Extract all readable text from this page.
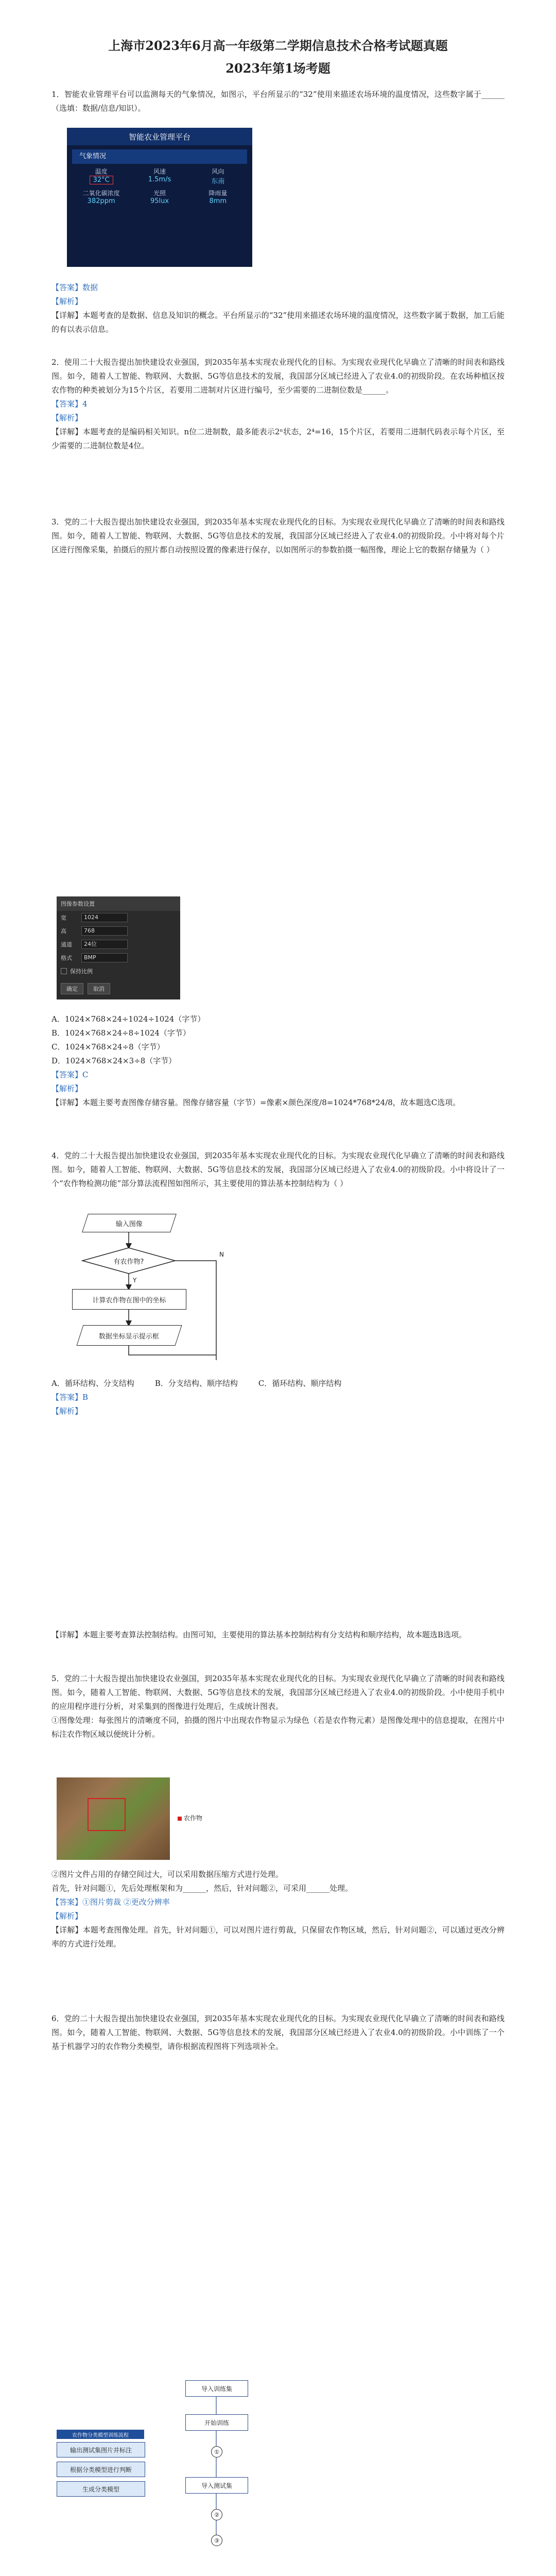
上海市2023年6月高一年级第二学期信息技术合格考试题真题
2023年第1场考题

1．智能农业管理平台可以监测每天的气象情况，如图示，平台所显示的“32”使用来描述农场环境的温度情况，这些数字属于______（选填：数据/信息/知识）。

智能农业管理平台
气象情况
温度
32°C
风速
1.5m/s
风向
东南
二氧化碳浓度
382ppm
光照
95lux
降雨量
8mm

【答案】数据

【解析】

【详解】本题考查的是数据、信息及知识的概念。平台所显示的“32”使用来描述农场环境的温度情况，这些数字属于数据，加工后能的有以表示信息。

2．使用二十大报告提出加快建设农业强国，到2035年基本实现农业现代化的目标。为实现农业现代化早确立了清晰的时间表和路线图。如今，随着人工智能、物联网、大数据、5G等信息技术的发展，我国部分区域已经进入了农业4.0的初级阶段。在农场种植区按农作物的种类被划分为15个片区，若要用二进制对片区进行编号，至少需要的二进制位数是______。

【答案】4

【解析】

【详解】本题考查的是编码相关知识。n位二进制数，最多能表示2ⁿ状态，2⁴=16，15个片区，若要用二进制代码表示每个片区，至少需要的二进制位数是4位。

3．党的二十大报告提出加快建设农业强国，到2035年基本实现农业现代化的目标。为实现农业现代化早确立了清晰的时间表和路线图。如今，随着人工智能、物联网、大数据、5G等信息技术的发展，我国部分区域已经进入了农业4.0的初级阶段。小中将对每个片区进行图像采集，拍摄后的照片都自动按照设置的像素进行保存，以如图所示的参数拍摄一幅图像，理论上它的数据存储量为（ ）

图像参数设置
宽	1024
高	768
通道	24位
格式	BMP
保持比例
确定	取消

A．1024×768×24÷1024÷1024（字节）

B．1024×768×24÷8÷1024（字节）

C．1024×768×24÷8（字节）

D．1024×768×24×3÷8（字节）

【答案】C

【解析】

【详解】本题主要考查图像存储容量。图像存储容量（字节）=像素×颜色深度/8=1024*768*24/8，故本题选C选项。

4．党的二十大报告提出加快建设农业强国，到2035年基本实现农业现代化的目标。为实现农业现代化早确立了清晰的时间表和路线图。如今，随着人工智能、物联网、大数据、5G等信息技术的发展，我国部分区域已经进入了农业4.0的初级阶段。小中将设计了一个“农作物检测功能”部分算法流程图如图所示，其主要使用的算法基本控制结构为（ ）

输入图像
有农作物?
Y
N
计算农作物在图中的坐标
数据坐标显示提示框
A．循环结构、分支结构	B．分支结构、顺序结构	C．循环结构、顺序结构

【答案】B

【解析】

【详解】本题主要考查算法控制结构。由图可知，主要使用的算法基本控制结构有分支结构和顺序结构，故本题选B选项。

5．党的二十大报告提出加快建设农业强国，到2035年基本实现农业现代化的目标。为实现农业现代化早确立了清晰的时间表和路线图。如今，随着人工智能、物联网、大数据、5G等信息技术的发展，我国部分区域已经进入了农业4.0的初级阶段。小中使用手机中的应用程序进行分析，对采集到的图像进行处理后，生成统计图表。

①图像处理：每张图片的清晰度不同，拍摄的图片中出现农作物显示为绿色（若是农作物元素）是图像处理中的信息提取，在图片中标注农作物区域以便统计分析。

农作物

②图片文件占用的存储空间过大，可以采用数据压缩方式进行处理。

首先，针对问题①，先后处理框架和为______，然后，针对问题②，可采用______处理。

【答案】①图片剪裁 ②更改分辨率

【解析】

【详解】本题考查图像处理。首先，针对问题①，可以对图片进行剪裁，只保留农作物区域，然后，针对问题②，可以通过更改分辨率的方式进行处理。

6．党的二十大报告提出加快建设农业强国，到2035年基本实现农业现代化的目标。为实现农业现代化早确立了清晰的时间表和路线图。如今，随着人工智能、物联网、大数据、5G等信息技术的发展，我国部分区域已经进入了农业4.0的初级阶段。小中训练了一个基于机器学习的农作物分类模型，请你根据流程图将下列选项补全。

导入训练集
开始训练
①
导入测试集
②
③
农作物分类模型训练流程
输出测试集图片并标注
根据分类模型进行判断
生成分类模型
